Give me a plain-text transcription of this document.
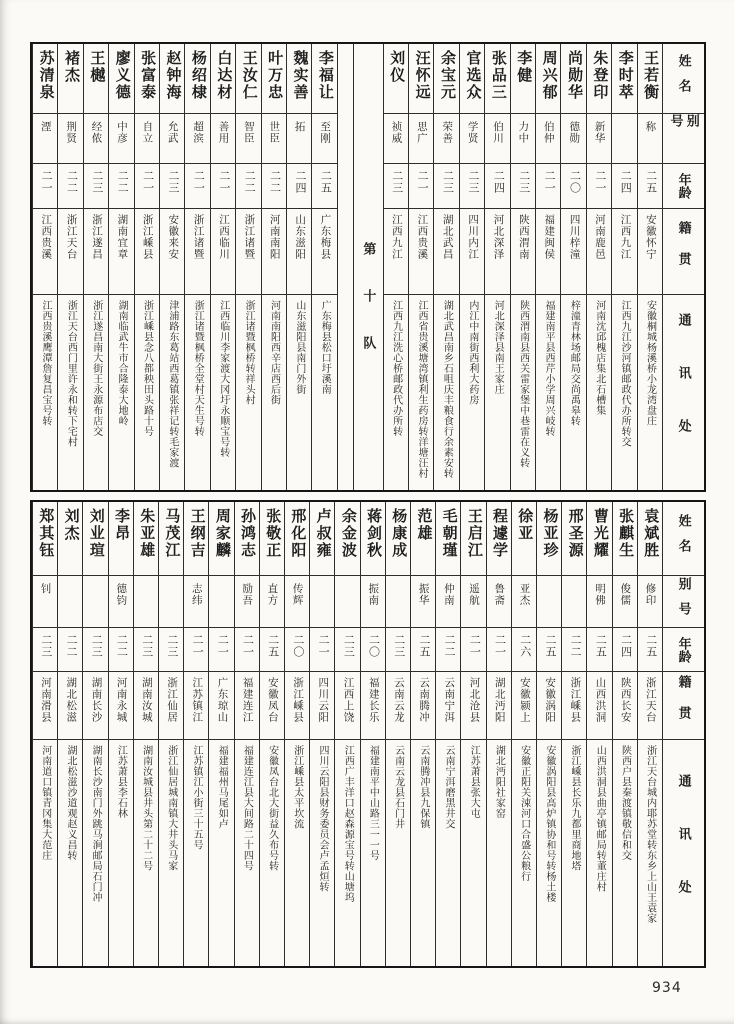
姓名
别号
年龄
籍贯
通讯处
王若衡
称
二五
安徽怀宁
安徽桐城杨溪桥小龙湾盘庄
李时萃
二四
江西九江
江西九江沙河镇邮政代办所转交
朱登印
新华
二一
河南鹿邑
河南沈邱槐店集北石槽集
尚勋华
德勋
二〇
四川梓潼
梓潼青林场邮局交尚禹皋转
周兴郁
伯仲
二一
福建闽侯
福建南平县西芹小学周兴岐转
李健
力中
二三
陕西渭南
陕西渭南县西关雷家堡中巷雷在义转
张品三
伯川
二四
河北深泽
河北深泽县南王家庄
官选众
学贤
二三
四川内江
内江中南街西利大药房
余宝元
荣善
二三
湖北武昌
湖北武昌南乡石咀庆丰粮食行余素安转
汪怀远
思广
二一
江西贵溪
江西省贵溪塘湾镇利生药房转洋塘汪村
刘仪
祯威
二三
江西九江
江西九江洗心桥邮政代办所转
第十队
李福让
至刚
二五
广东梅县
广东梅县松口圩溪南
魏实善
拓
二四
山东滋阳
山东滋阳县南门外街
叶万忠
世臣
二二
河南南阳
河南南阳西辛店西后街
王汝仁
智臣
二二
浙江诸暨
浙江诸暨枫桥转祥头村
白达材
善用
二一
江西临川
江西临川李家渡大冈圩永顺宝号转
杨绍棣
超滨
二一
浙江诸暨
浙江诸暨枫桥全堂村天生号转
赵钟海
允武
二三
安徽来安
津浦路东葛站西葛镇张祥记转毛家渡
张富泰
自立
二一
浙江嵊县
浙江嵊县念八都秧田头路十号
廖义德
中彦
二二
湖南宜章
湖南临武牛市合隆泰大地岭
王樾
经侬
二三
浙江遂昌
浙江遂昌南大街王永源布店交
褚杰
荆贤
二二
浙江天台
浙江天台西门里许永和转下宅村
苏清泉
湮
二一
江西贵溪
江西贵溪鹰潭詹复昌宝号转
姓名
别号
年龄
籍贯
通讯处
袁斌胜
修印
二五
浙江天台
浙江天台城内耶苏堂转东乡上山王袁家
张麒生
俊儒
二四
陕西长安
陕西户县秦渡镇敬信和交
曹光耀
明佛
二五
山西洪洞
山西洪洞县曲亭镇邮局转董庄村
邢圣源
二二
浙江嵊县
浙江嵊县长乐九都里商地塔
杨亚珍
二五
安徽涡阳
安徽涡阳县高炉镇协和号转杨土楼
徐亚
亚杰
二六
安徽颍上
安徽正阳关涑河口合盛公粮行
程遽学
鲁斋
二一
湖北沔阳
湖北沔阳社家窑
王启江
遥航
二一
河北沧县
江苏萧县张大屯
毛朝瑾
仲南
二二
云南宁洱
云南宁洱磨黑井交
范雄
振华
二五
云南腾冲
云南腾冲县九保镇
杨康成
二三
云南云龙
云南云龙县石门井
蒋剑秋
振南
二〇
福建长乐
福建南平中山路三一一号
余金波
二三
江西上饶
江西广丰洋口赵森源宝号转山塘坞
卢叔雍
二一
四川云阳
四川云阳县财务委员会卢孟烜转
邢化阳
传辉
二〇
浙江嵊县
浙江嵊县太平坎流
张敬正
直方
二五
安徽凤台
安徽凤台北大街益久布号转
孙鸿志
励吾
二一
福建连江
福建连江县大间路二十四号
周家麟
二一
广东琼山
福建福州马尾如卢
王纲吉
志纬
二一
江苏镇江
江苏镇江小街三十五号
马茂江
二三
浙江仙居
浙江仙居城南镇大井头马家
朱亚雄
二三
湖南汝城
湖南汝城县井头第二十二号
李昂
德钧
二二
河南永城
江苏萧县李石林
刘业瑄
二三
湖南长沙
湖南长沙南门外跳马涧邮局石门冲
刘杰
二二
湖北松滋
湖北松滋沙道观赵义昌转
郑其钰
钊
二三
河南滑县
河南道口镇青冈集大范庄
934
